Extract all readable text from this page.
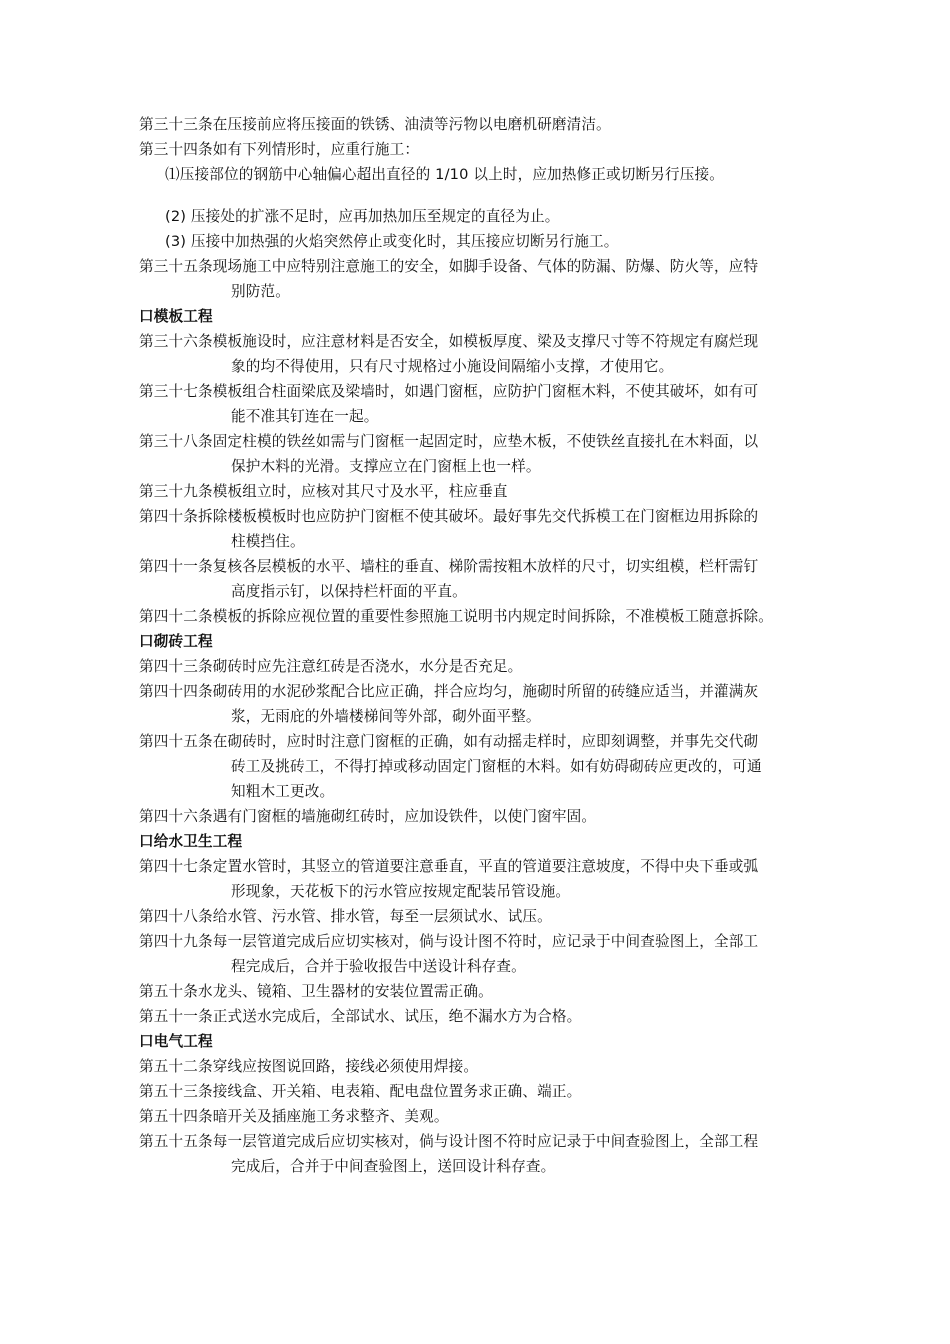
第三十三条在压接前应将压接面的铁锈、油渍等污物以电磨机研磨清洁。
第三十四条如有下列情形时，应重行施工：
⑴压接部位的钢筋中心轴偏心超出直径的 1/10 以上时，应加热修正或切断另行压接。
(2) 压接处的扩涨不足时，应再加热加压至规定的直径为止。
(3) 压接中加热强的火焰突然停止或变化时，其压接应切断另行施工。
第三十五条现场施工中应特别注意施工的安全，如脚手设备、气体的防漏、防爆、防火等，应特
别防范。
口模板工程
第三十六条模板施设时，应注意材料是否安全，如模板厚度、梁及支撑尺寸等不符规定有腐烂现
象的均不得使用，只有尺寸规格过小施设间隔缩小支撑，才使用它。
第三十七条模板组合柱面梁底及梁墙时，如遇门窗框，应防护门窗框木料，不使其破坏，如有可
能不准其钉连在一起。
第三十八条固定柱模的铁丝如需与门窗框一起固定时，应垫木板，不使铁丝直接扎在木料面，以
保护木料的光滑。支撑应立在门窗框上也一样。
第三十九条模板组立时，应核对其尺寸及水平，柱应垂直
第四十条拆除楼板模板时也应防护门窗框不使其破坏。最好事先交代拆模工在门窗框边用拆除的
柱模挡住。
第四十一条复核各层模板的水平、墙柱的垂直、梯阶需按粗木放样的尺寸，切实组模，栏杆需钉
高度指示钉，以保持栏杆面的平直。
第四十二条模板的拆除应视位置的重要性参照施工说明书内规定时间拆除，不准模板工随意拆除。
口砌砖工程
第四十三条砌砖时应先注意红砖是否浇水，水分是否充足。
第四十四条砌砖用的水泥砂浆配合比应正确，拌合应均匀，施砌时所留的砖缝应适当，并灌满灰
浆，无雨庇的外墙楼梯间等外部，砌外面平整。
第四十五条在砌砖时，应时时注意门窗框的正确，如有动摇走样时，应即刻调整，并事先交代砌
砖工及挑砖工，不得打掉或移动固定门窗框的木料。如有妨碍砌砖应更改的，可通
知粗木工更改。
第四十六条遇有门窗框的墙施砌红砖时，应加设铁件，以使门窗牢固。
口给水卫生工程
第四十七条定置水管时，其竖立的管道要注意垂直，平直的管道要注意坡度，不得中央下垂或弧
形现象，天花板下的污水管应按规定配装吊管设施。
第四十八条给水管、污水管、排水管，每至一层须试水、试压。
第四十九条每一层管道完成后应切实核对，倘与设计图不符时，应记录于中间查验图上，全部工
程完成后，合并于验收报告中送设计科存查。
第五十条水龙头、镜箱、卫生器材的安装位置需正确。
第五十一条正式送水完成后，全部试水、试压，绝不漏水方为合格。
口电气工程
第五十二条穿线应按图说回路，接线必须使用焊接。
第五十三条接线盒、开关箱、电表箱、配电盘位置务求正确、端正。
第五十四条暗开关及插座施工务求整齐、美观。
第五十五条每一层管道完成后应切实核对，倘与设计图不符时应记录于中间查验图上，全部工程
完成后，合并于中间查验图上，送回设计科存查。
